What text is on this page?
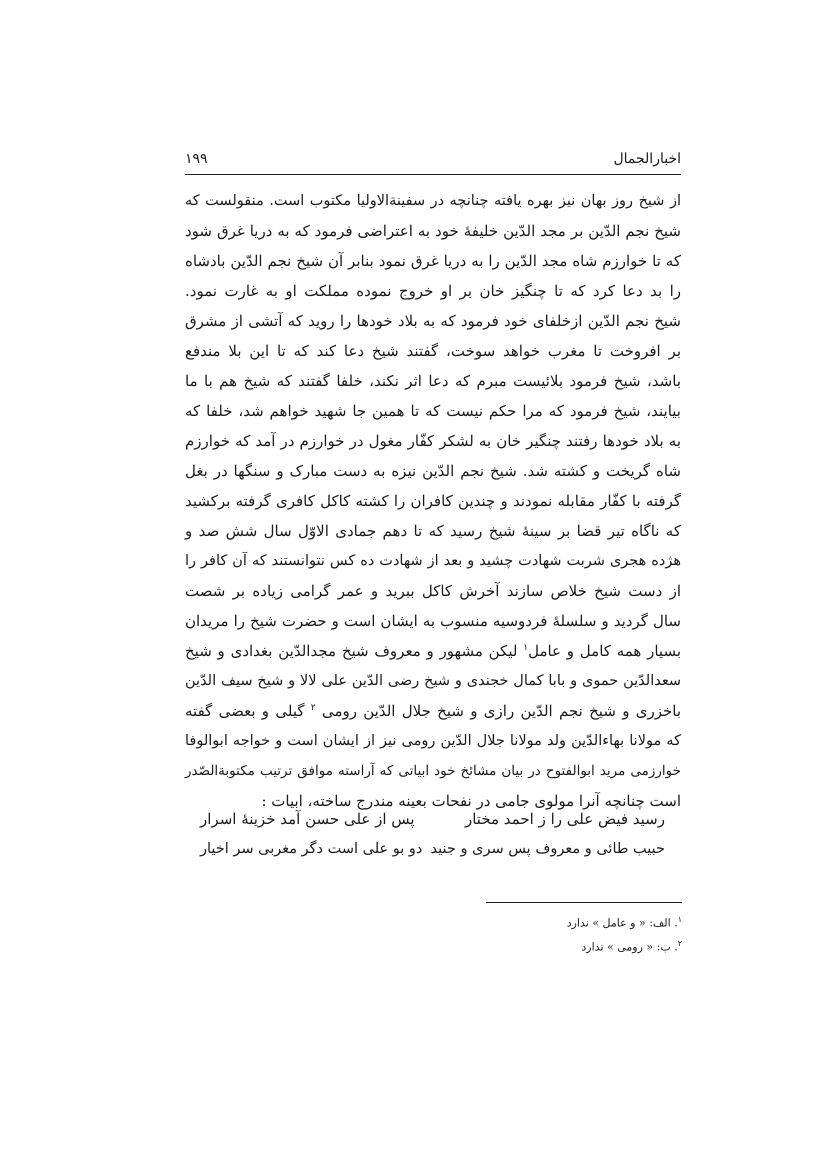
اخبارالجمال
۱۹۹
از شیخ روز بهان نیز بهره یافته چنانچه در سفینةالاولیا مکتوب است. منقولست که
شیخ نجم الدّین بر مجد الدّین خلیفهٔ خود به اعتراضی فرمود که به دریا غرق شود
که تا خوارزم شاه مجد الدّین را به دریا غرق نمود بنابر آن شیخ نجم الدّین بادشاه
را بد دعا کرد که تا چنگیز خان بر او خروج نموده مملکت او به غارت نمود.
شیخ نجم الدّین ازخلفای خود فرمود که به بلاد خودها را روید که آتشی از مشرق
بر افروخت تا مغرب خواهد سوخت، گفتند شیخ دعا کند که تا این بلا مندفع
باشد، شیخ فرمود بلائیست مبرم که دعا اثر نکند، خلفا گفتند که شیخ هم با ما
بیایند، شیخ فرمود که مرا حکم نیست که تا همین جا شهید خواهم شد، خلفا که
به بلاد خودها رفتند چنگیر خان به لشکر کفّار مغول در خوارزم در آمد که خوارزم
شاه گریخت و کشته شد. شیخ نجم الدّین نیزه به دست مبارک و سنگها در بغل
گرفته با کفّار مقابله نمودند و چندین کافران را کشته کاکل کافری گرفته برکشید
که ناگاه تیر قضا بر سینهٔ شیخ رسید که تا دهم جمادی الاوّل سال شش صد و
هژده هجری شربت شهادت چشید و بعد از شهادت ده کس نتوانستند که آن کافر را
از دست شیخ خلاص سازند آخرش کاکل ببرید و عمر گرامی زیاده بر شصت
سال گردید و سلسلهٔ فردوسیه منسوب به ایشان است و حضرت شیخ را مریدان
بسیار همه کامل و عامل$^۱$ لیکن مشهور و معروف شیخ مجدالدّین بغدادی و شیخ
سعدالدّین حموی و بابا کمال خجندی و شیخ رضی الدّین علی لالا و شیخ سیف الدّین
باخزری و شیخ نجم الدّین رازی و شیخ جلال الدّین رومی $^۲$ گیلی و بعضی گفته
که مولانا بهاءالدّین ولد مولانا جلال الدّین رومی نیز از ایشان است و خواجه ابوالوفا
خوارزمی مرید ابوالفتوح در بیان مشائخ خود ابیاتی که آراسته موافق ترتیب مکتوبةالصّدر
است چنانچه آنرا مولوی جامی در نفحات بعینه مندرج ساخته، ابیات :
رسید فیض علی را ز احمد مختار
پس از علی حسن آمد خزینهٔ اسرار
حبیب طائی و معروف پس سری و جنید
دو بو علی است دگر مغربی سر اخیار
$^۱$. الف: « و عامل » ندارد
$^۲$. ب: « رومی » ندارد
